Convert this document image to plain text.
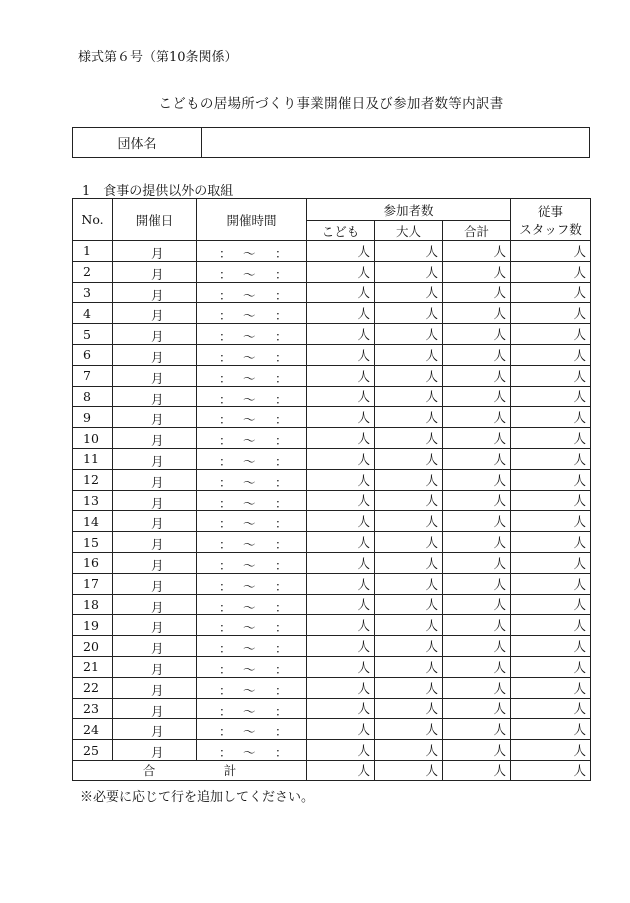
様式第６号（第10条関係）
こどもの居場所づくり事業開催日及び参加者数等内訳書
団体名	
1　食事の提供以外の取組
No.	開催日	開催時間	参加者数			従事
スタッフ数

			こども	大人	合計	
1	月	： ～ ：	人	人	人	人
2	月	： ～ ：	人	人	人	人
3	月	： ～ ：	人	人	人	人
4	月	： ～ ：	人	人	人	人
5	月	： ～ ：	人	人	人	人
6	月	： ～ ：	人	人	人	人
7	月	： ～ ：	人	人	人	人
8	月	： ～ ：	人	人	人	人
9	月	： ～ ：	人	人	人	人
10	月	： ～ ：	人	人	人	人
11	月	： ～ ：	人	人	人	人
12	月	： ～ ：	人	人	人	人
13	月	： ～ ：	人	人	人	人
14	月	： ～ ：	人	人	人	人
15	月	： ～ ：	人	人	人	人
16	月	： ～ ：	人	人	人	人
17	月	： ～ ：	人	人	人	人
18	月	： ～ ：	人	人	人	人
19	月	： ～ ：	人	人	人	人
20	月	： ～ ：	人	人	人	人
21	月	： ～ ：	人	人	人	人
22	月	： ～ ：	人	人	人	人
23	月	： ～ ：	人	人	人	人
24	月	： ～ ：	人	人	人	人
25	月	： ～ ：	人	人	人	人
合　計			人	人	人	人
※必要に応じて行を追加してください。
